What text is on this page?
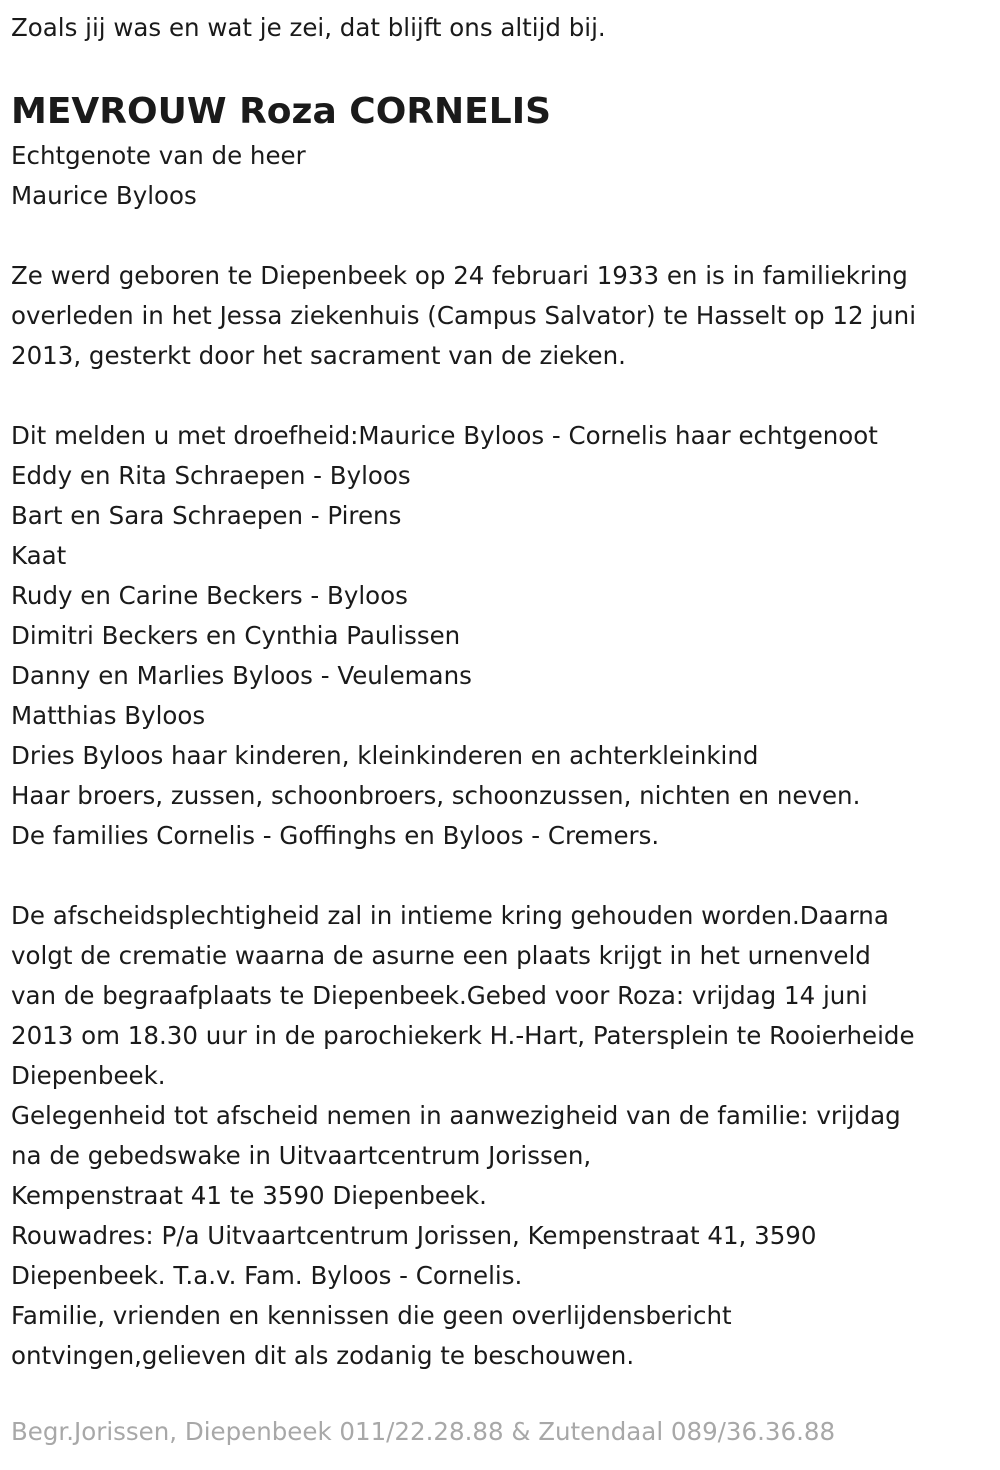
Zoals jij was en wat je zei, dat blijft ons altijd bij.
MEVROUW Roza CORNELIS
Echtgenote van de heer
Maurice Byloos
Ze werd geboren te Diepenbeek op 24 februari 1933 en is in familiekring
overleden in het Jessa ziekenhuis (Campus Salvator) te Hasselt op 12 juni
2013, gesterkt door het sacrament van de zieken.
Dit melden u met droefheid:Maurice Byloos - Cornelis haar echtgenoot
Eddy en Rita Schraepen - Byloos
Bart en Sara Schraepen - Pirens
Kaat
Rudy en Carine Beckers - Byloos
Dimitri Beckers en Cynthia Paulissen
Danny en Marlies Byloos - Veulemans
Matthias Byloos
Dries Byloos haar kinderen, kleinkinderen en achterkleinkind
Haar broers, zussen, schoonbroers, schoonzussen, nichten en neven.
De families Cornelis - Goffinghs en Byloos - Cremers.
De afscheidsplechtigheid zal in intieme kring gehouden worden.Daarna
volgt de crematie waarna de asurne een plaats krijgt in het urnenveld
van de begraafplaats te Diepenbeek.Gebed voor Roza: vrijdag 14 juni
2013 om 18.30 uur in de parochiekerk H.-Hart, Patersplein te Rooierheide
Diepenbeek.
Gelegenheid tot afscheid nemen in aanwezigheid van de familie: vrijdag
na de gebedswake in Uitvaartcentrum Jorissen,
Kempenstraat 41 te 3590 Diepenbeek.
Rouwadres: P/a Uitvaartcentrum Jorissen, Kempenstraat 41, 3590
Diepenbeek. T.a.v. Fam. Byloos - Cornelis.
Familie, vrienden en kennissen die geen overlijdensbericht
ontvingen,gelieven dit als zodanig te beschouwen.
Begr.Jorissen, Diepenbeek 011/22.28.88 & Zutendaal 089/36.36.88
